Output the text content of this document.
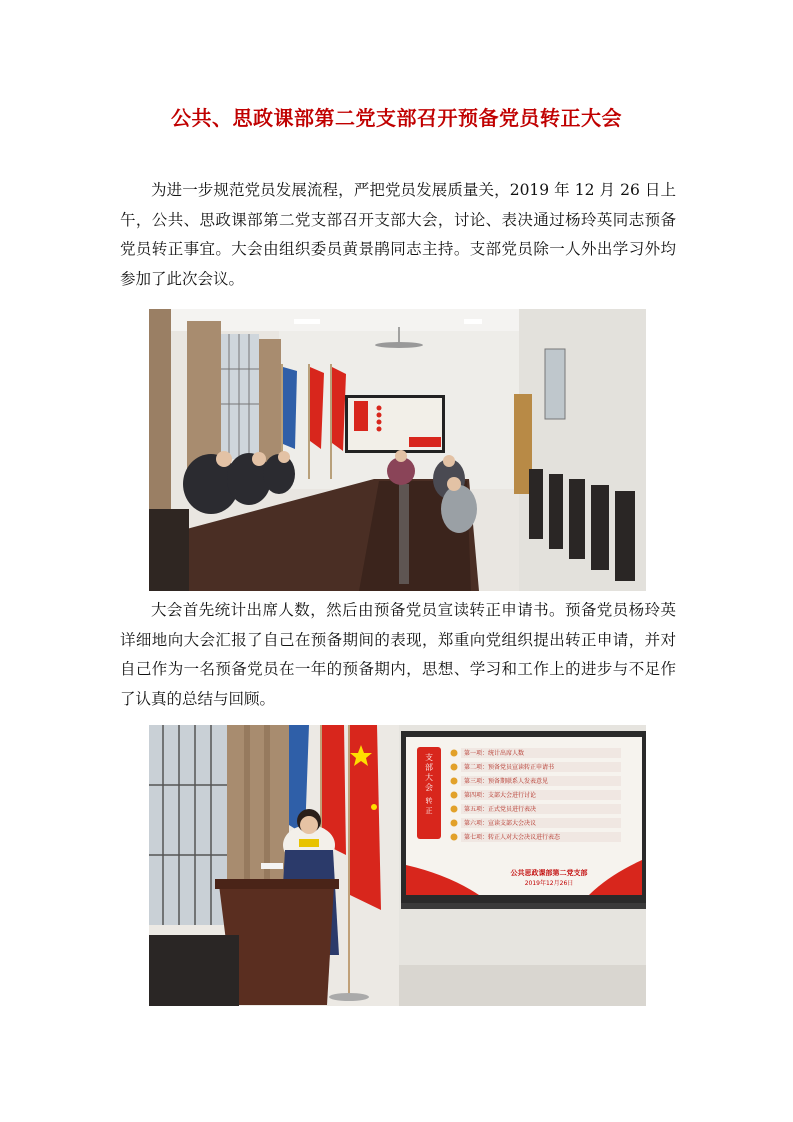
公共、思政课部第二党支部召开预备党员转正大会

为进一步规范党员发展流程，严把党员发展质量关，2019 年 12 月 26 日上午，公共、思政课部第二党支部召开支部大会，讨论、表决通过杨玲英同志预备党员转正事宜。大会由组织委员黄景鹃同志主持。支部党员除一人外出学习外均参加了此次会议。

大会首先统计出席人数，然后由预备党员宣读转正申请书。预备党员杨玲英详细地向大会汇报了自己在预备期间的表现，郑重向党组织提出转正申请，并对自己作为一名预备党员在一年的预备期内，思想、学习和工作上的进步与不足作了认真的总结与回顾。

支
部
大
会
转
正
第一项：统计出席人数
第二项：预备党员宣读转正申请书
第三项：预备期联系人发表意见
第四项：支部大会进行讨论
第五项：正式党员进行表决
第六项：宣读支部大会决议
第七项：转正人对大会决议进行表态
公共思政课部第二党支部
2019年12月26日
